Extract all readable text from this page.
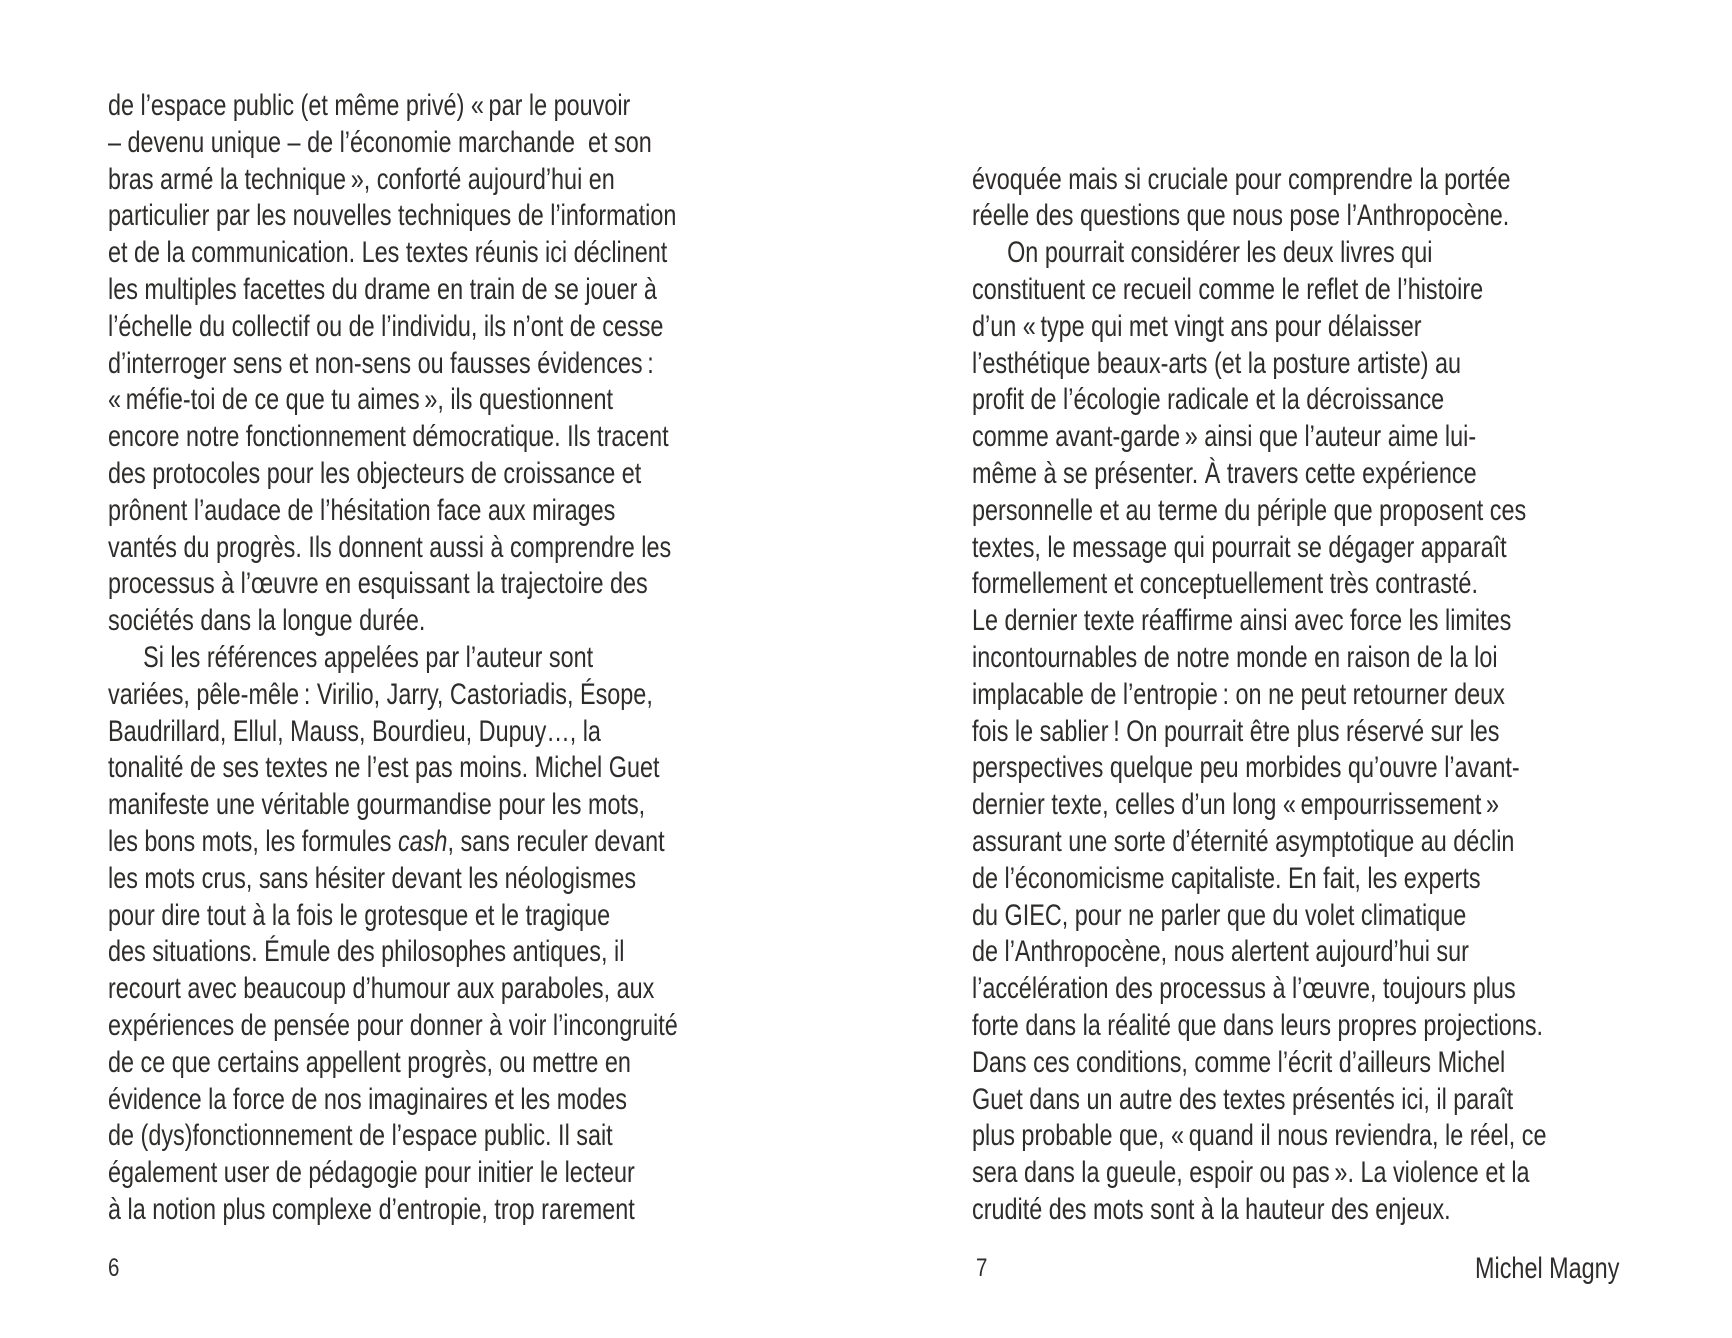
de l’espace public (et même privé) « par le pouvoir
– devenu unique – de l’économie marchande  et son
bras armé la technique », conforté aujourd’hui en
particulier par les nouvelles techniques de l’information
et de la communication. Les textes réunis ici déclinent
les multiples facettes du drame en train de se jouer à
l’échelle du collectif ou de l’individu, ils n’ont de cesse
d’interroger sens et non-sens ou fausses évidences :
« méfie-toi de ce que tu aimes », ils questionnent
encore notre fonctionnement démocratique. Ils tracent
des protocoles pour les objecteurs de croissance et
prônent l’audace de l’hésitation face aux mirages
vantés du progrès. Ils donnent aussi à comprendre les
processus à l’œuvre en esquissant la trajectoire des
sociétés dans la longue durée.
  Si les références appelées par l’auteur sont
variées, pêle-mêle : Virilio, Jarry, Castoriadis, Ésope,
Baudrillard, Ellul, Mauss, Bourdieu, Dupuy…, la
tonalité de ses textes ne l’est pas moins. Michel Guet
manifeste une véritable gourmandise pour les mots,
les bons mots, les formules cash, sans reculer devant
les mots crus, sans hésiter devant les néologismes
pour dire tout à la fois le grotesque et le tragique
des situations. Émule des philosophes antiques, il
recourt avec beaucoup d’humour aux paraboles, aux
expériences de pensée pour donner à voir l’incongruité
de ce que certains appellent progrès, ou mettre en
évidence la force de nos imaginaires et les modes
de (dys)fonctionnement de l’espace public. Il sait
également user de pédagogie pour initier le lecteur
à la notion plus complexe d’entropie, trop rarement
6

évoquée mais si cruciale pour comprendre la portée
réelle des questions que nous pose l’Anthropocène.
  On pourrait considérer les deux livres qui
constituent ce recueil comme le reflet de l’histoire
d’un « type qui met vingt ans pour délaisser
l’esthétique beaux-arts (et la posture artiste) au
profit de l’écologie radicale et la décroissance
comme avant-garde » ainsi que l’auteur aime lui-
même à se présenter. À travers cette expérience
personnelle et au terme du périple que proposent ces
textes, le message qui pourrait se dégager apparaît
formellement et conceptuellement très contrasté.
Le dernier texte réaffirme ainsi avec force les limites
incontournables de notre monde en raison de la loi
implacable de l’entropie : on ne peut retourner deux
fois le sablier ! On pourrait être plus réservé sur les
perspectives quelque peu morbides qu’ouvre l’avant-
dernier texte, celles d’un long « empourrissement »
assurant une sorte d’éternité asymptotique au déclin
de l’économicisme capitaliste. En fait, les experts
du GIEC, pour ne parler que du volet climatique
de l’Anthropocène, nous alertent aujourd’hui sur
l’accélération des processus à l’œuvre, toujours plus
forte dans la réalité que dans leurs propres projections.
Dans ces conditions, comme l’écrit d’ailleurs Michel
Guet dans un autre des textes présentés ici, il paraît
plus probable que, « quand il nous reviendra, le réel, ce
sera dans la gueule, espoir ou pas ». La violence et la
crudité des mots sont à la hauteur des enjeux.
Michel Magny
7
